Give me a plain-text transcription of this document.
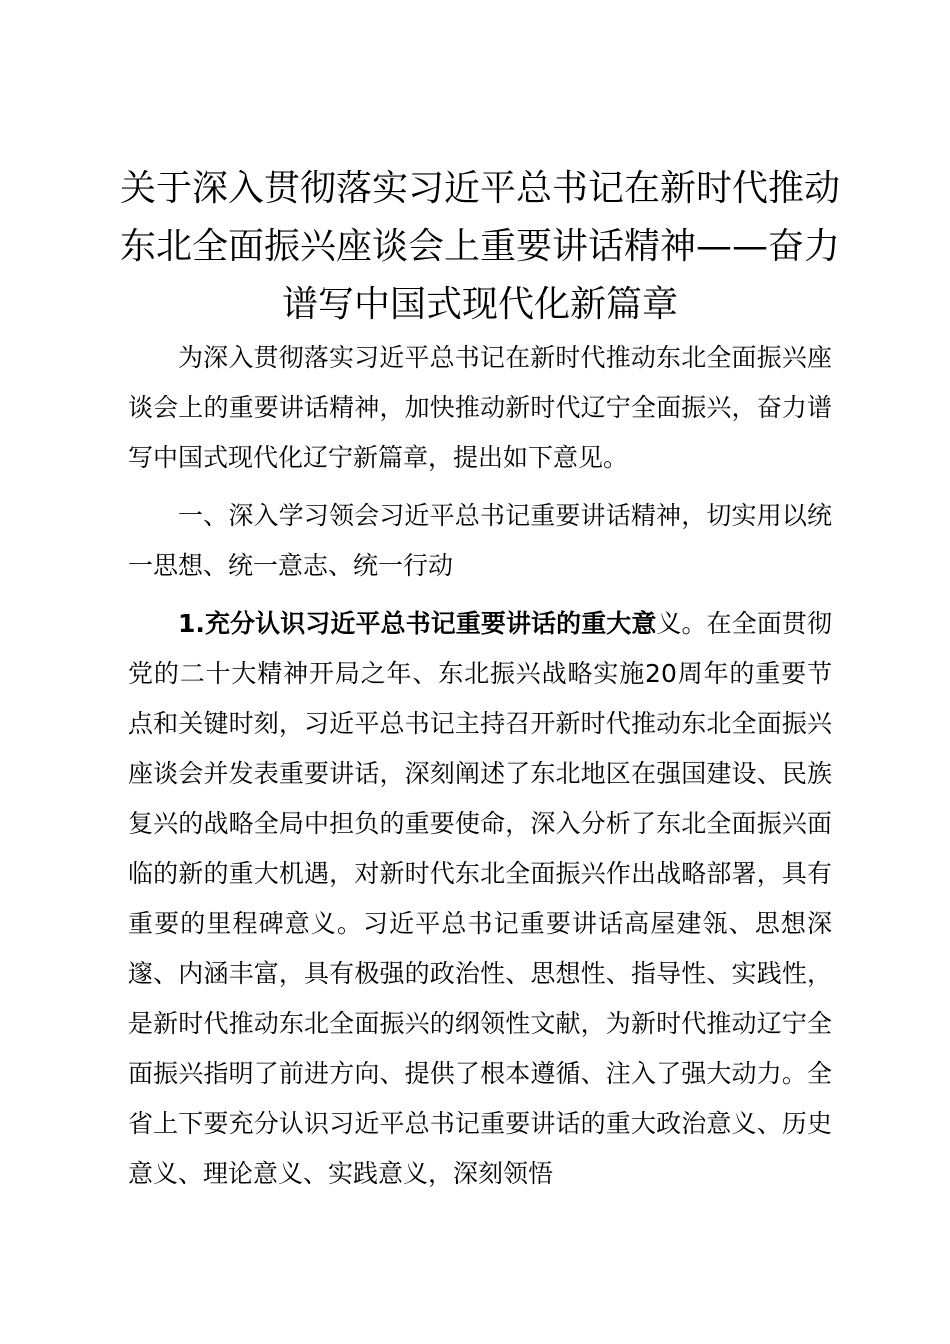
关于深入贯彻落实习近平总书记在新时代推动东北全面振兴座谈会上重要讲话精神——奋力谱写中国式现代化新篇章

为深入贯彻落实习近平总书记在新时代推动东北全面振兴座谈会上的重要讲话精神，加快推动新时代辽宁全面振兴，奋力谱写中国式现代化辽宁新篇章，提出如下意见。

一、深入学习领会习近平总书记重要讲话精神，切实用以统一思想、统一意志、统一行动

1.充分认识习近平总书记重要讲话的重大意义。在全面贯彻党的二十大精神开局之年、东北振兴战略实施20周年的重要节点和关键时刻，习近平总书记主持召开新时代推动东北全面振兴座谈会并发表重要讲话，深刻阐述了东北地区在强国建设、民族复兴的战略全局中担负的重要使命，深入分析了东北全面振兴面临的新的重大机遇，对新时代东北全面振兴作出战略部署，具有重要的里程碑意义。习近平总书记重要讲话高屋建瓴、思想深邃、内涵丰富，具有极强的政治性、思想性、指导性、实践性，是新时代推动东北全面振兴的纲领性文献，为新时代推动辽宁全面振兴指明了前进方向、提供了根本遵循、注入了强大动力。全省上下要充分认识习近平总书记重要讲话的重大政治意义、历史意义、理论意义、实践意义，深刻领悟
